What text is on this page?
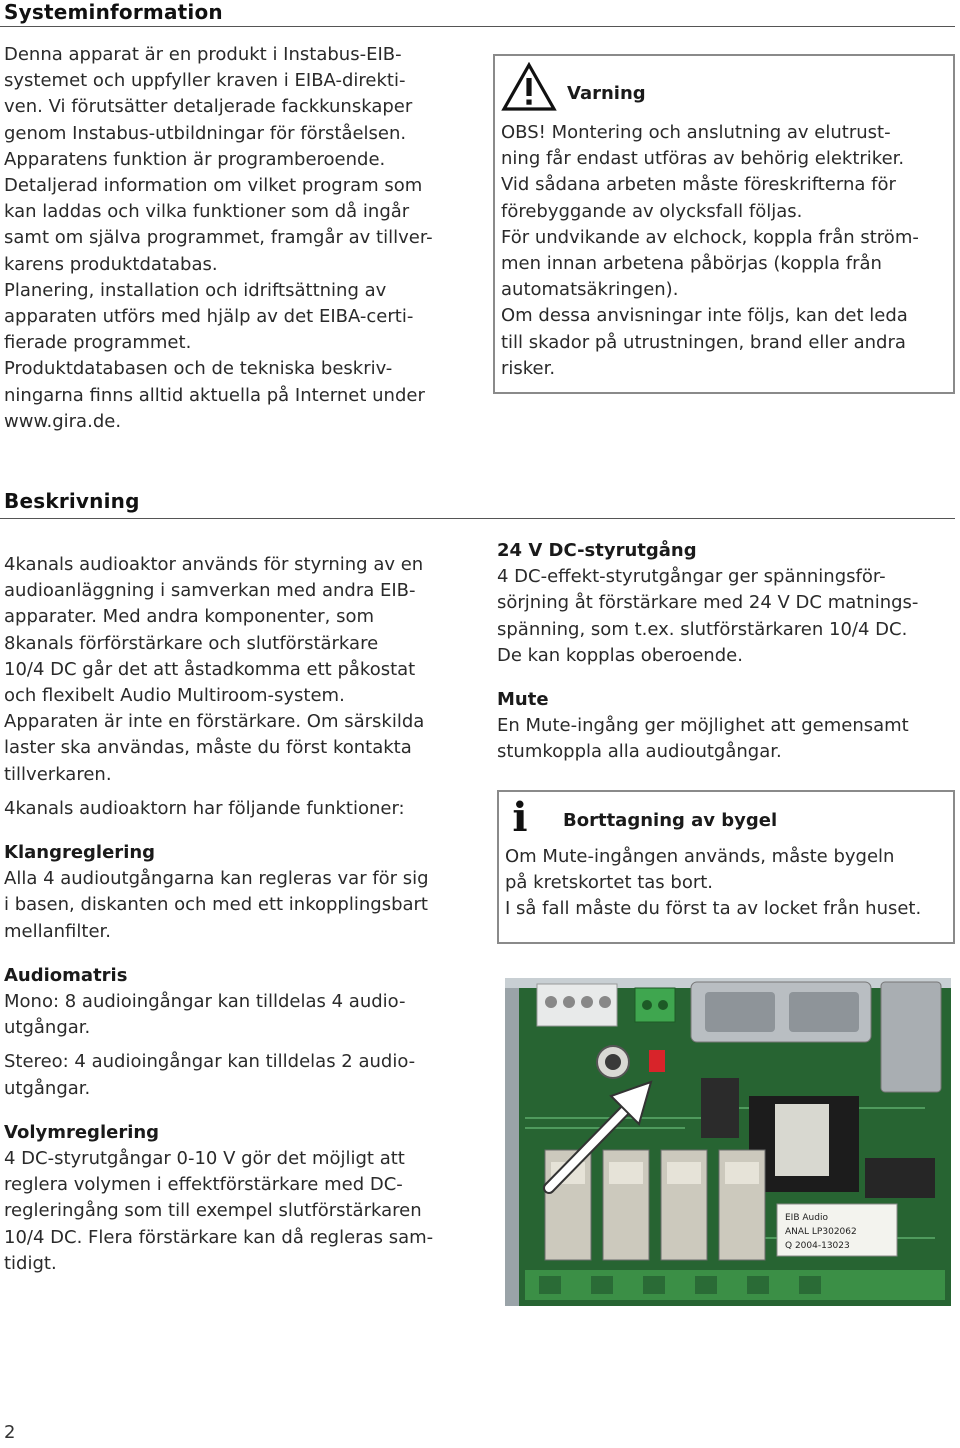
Systeminformation

Denna apparat är en produkt i Instabus-EIB-
systemet och uppfyller kraven i EIBA-direkti-
ven. Vi förutsätter detaljerade fackkunskaper
genom Instabus-utbildningar för förståelsen.
Apparatens funktion är programberoende.
Detaljerad information om vilket program som
kan laddas och vilka funktioner som då ingår
samt om själva programmet, framgår av tillver-
karens produktdatabas.

Planering, installation och idriftsättning av
apparaten utförs med hjälp av det EIBA-certi-
fierade programmet.

Produktdatabasen och de tekniska beskriv-
ningarna finns alltid aktuella på Internet under
www.gira.de.

Varning

OBS! Montering och anslutning av elutrust-
ning får endast utföras av behörig elektriker.
Vid sådana arbeten måste föreskrifterna för
förebyggande av olycksfall följas.

För undvikande av elchock, koppla från ström-
men innan arbetena påbörjas (koppla från
automatsäkringen).

Om dessa anvisningar inte följs, kan det leda
till skador på utrustningen, brand eller andra
risker.

Beskrivning

4kanals audioaktor används för styrning av en
audioanläggning i samverkan med andra EIB-
apparater. Med andra komponenter, som
8kanals förförstärkare och slutförstärkare
10/4 DC går det att åstadkomma ett påkostat
och flexibelt Audio Multiroom-system.
Apparaten är inte en förstärkare. Om särskilda
laster ska användas, måste du först kontakta
tillverkaren.

4kanals audioaktorn har följande funktioner:

Klangreglering

Alla 4 audioutgångarna kan regleras var för sig
i basen, diskanten och med ett inkopplingsbart
mellanfilter.

Audiomatris

Mono: 8 audioingångar kan tilldelas 4 audio-
utgångar.

Stereo: 4 audioingångar kan tilldelas 2 audio-
utgångar.

Volymreglering

4 DC-styrutgångar 0-10 V gör det möjligt att
reglera volymen i effektförstärkare med DC-
regleringång som till exempel slutförstärkaren
10/4 DC. Flera förstärkare kan då regleras sam-
tidigt.

24 V DC-styrutgång

4 DC-effekt-styrutgångar ger spänningsför-
sörjning åt förstärkare med 24 V DC matnings-
spänning, som t.ex. slutförstärkaren 10/4 DC.
De kan kopplas oberoende.

Mute

En Mute-ingång ger möjlighet att gemensamt
stumkoppla alla audioutgångar.

i	Borttagning av bygel

Om Mute-ingången används, måste bygeln
på kretskortet tas bort.

I så fall måste du först ta av locket från huset.

EIB Audio
ANAL LP302062
Q 2004-13023

2
